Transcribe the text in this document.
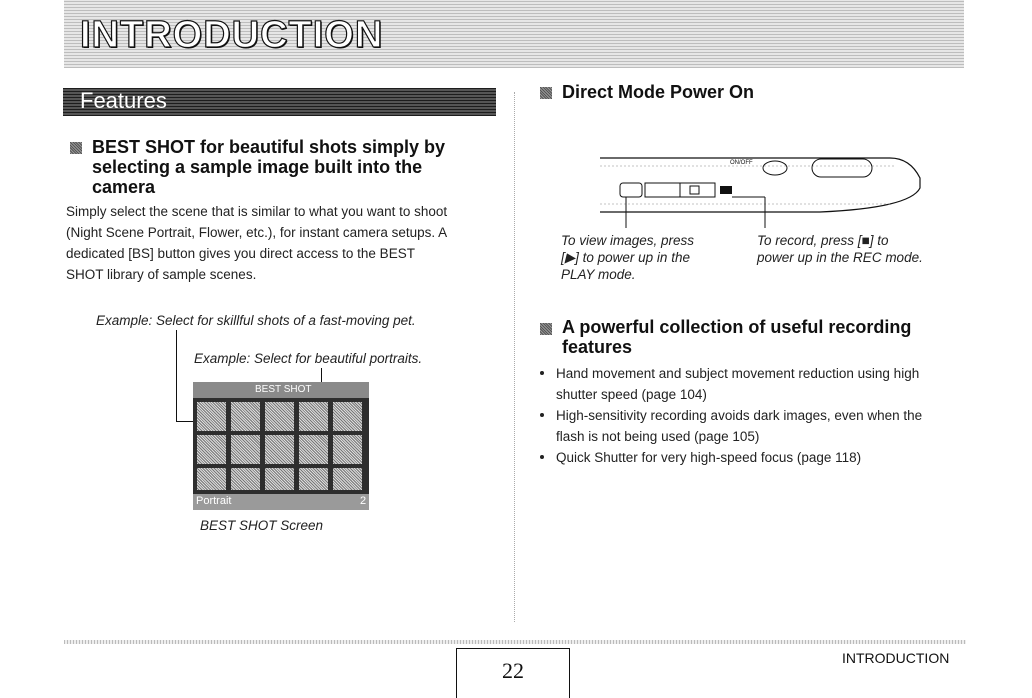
INTRODUCTION
Features
BEST SHOT for beautiful shots simply by selecting a sample image built into the camera
Simply select the scene that is similar to what you want to shoot
(Night Scene Portrait, Flower, etc.), for instant camera setups. A
dedicated [BS] button gives you direct access to the BEST
SHOT library of sample scenes.
Example: Select for skillful shots of a fast-moving pet.
Example: Select for beautiful portraits.
BEST SHOT
Portrait	2
BEST SHOT Screen
Direct Mode Power On
ON/OFF
To view images, press
[▶] to power up in the
PLAY mode.
To record, press [■] to
power up in the REC mode.
A powerful collection of useful recording features
Hand movement and subject movement reduction using high
shutter speed (page 104)
High-sensitivity recording avoids dark images, even when the
flash is not being used (page 105)
Quick Shutter for very high-speed focus (page 118)
22	INTRODUCTION
